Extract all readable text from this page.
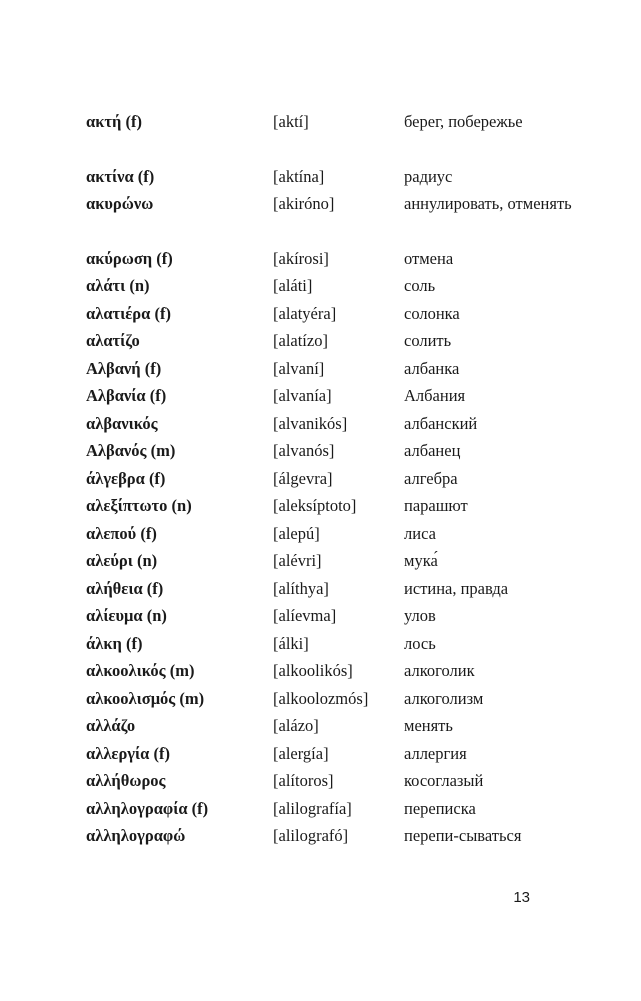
ακτή (f)	[aktí]	берег, побережье
ακτίνα (f)	[aktína]	радиус
ακυρώνω	[akiróno]	аннулировать, отменять
ακύρωση (f)	[akírosi]	отмена
αλάτι (n)	[aláti]	соль
αλατιέρα (f)	[alatyéra]	солонка
αλατίζο	[alatízo]	солить
Αλβανή (f)	[alvaní]	албанка
Αλβανία (f)	[alvanía]	Албания
αλβανικός	[alvanikós]	албанский
Αλβανός (m)	[alvanós]	албанец
άλγεβρα (f)	[álgevra]	алгебра
αλεξίπτωτο (n)	[aleksíptoto]	парашют
αλεπού (f)	[alepú]	лиса
αλεύρι (n)	[alévri]	мука́
αλήθεια (f)	[alíthya]	истина, правда
αλίευμα (n)	[alíevma]	улов
άλκη (f)	[álki]	лось
αλκοολικός (m)	[alkoolikós]	алкоголик
αλκοολισμός (m)	[alkoolozmós] алкоголизм
αλλάζο	[alázo]	менять
αλλεργία (f)	[alergía]	аллергия
αλλήθωρος	[alítoros]	косоглазый
αλληλογραφία (f)	[alilografía]	переписка
αλληλογραφώ	[alilografó]	перепи-сываться
13
